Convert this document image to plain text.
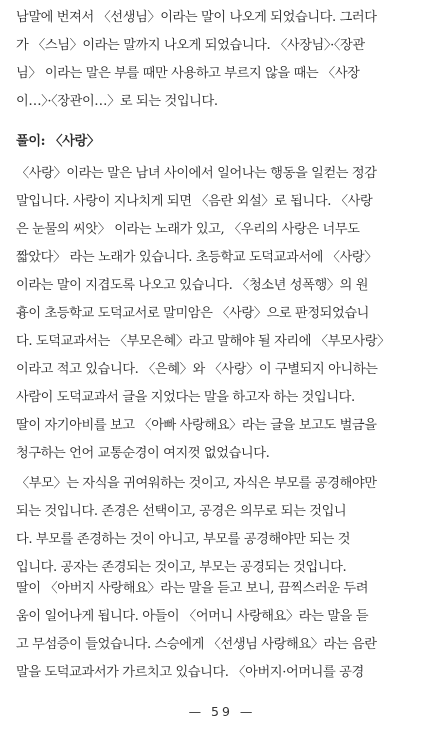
남말에 번져서 〈선생님〉이라는 말이 나오게 되었습니다. 그러다
가 〈스님〉이라는 말까지 나오게 되었습니다. 〈사장님〉·〈장관
님〉 이라는 말은 부를 때만 사용하고 부르지 않을 때는 〈사장
이…〉·〈장관이…〉로 되는 것입니다.
풀이: 〈사랑〉
〈사랑〉이라는 말은 남녀 사이에서 일어나는 행동을 일컫는 정감
말입니다. 사랑이 지나치게 되면 〈음란 외설〉로 됩니다. 〈사랑
은 눈물의 씨앗〉 이라는 노래가 있고, 〈우리의 사랑은 너무도
짧았다〉 라는 노래가 있습니다. 초등학교 도덕교과서에 〈사랑〉
이라는 말이 지겹도록 나오고 있습니다. 〈청소년 성폭행〉의 원
흉이 초등학교 도덕교서로 말미암은 〈사랑〉으로 판정되었습니
다. 도덕교과서는 〈부모은혜〉라고 말해야 될 자리에 〈부모사랑〉
이라고 적고 있습니다. 〈은혜〉와 〈사랑〉이 구별되지 아니하는
사람이 도덕교과서 글을 지었다는 말을 하고자 하는 것입니다.
딸이 자기아비를 보고 〈아빠 사랑해요〉라는 글을 보고도 벌금을
청구하는 언어 교통순경이 여지껏 없었습니다.
〈부모〉는 자식을 귀여워하는 것이고, 자식은 부모를 공경해야만
되는 것입니다. 존경은 선택이고, 공경은 의무로 되는 것입니
다. 부모를 존경하는 것이 아니고, 부모를 공경해야만 되는 것
입니다. 공자는 존경되는 것이고, 부모는 공경되는 것입니다.
딸이 〈아버지 사랑해요〉라는 말을 듣고 보니, 끔찍스러운 두려
움이 일어나게 됩니다. 아들이 〈어머니 사랑해요〉라는 말을 듣
고 무섬증이 들었습니다. 스승에게 〈선생님 사랑해요〉라는 음란
말을 도덕교과서가 가르치고 있습니다. 〈아버지·어머니를 공경
— 59 —
